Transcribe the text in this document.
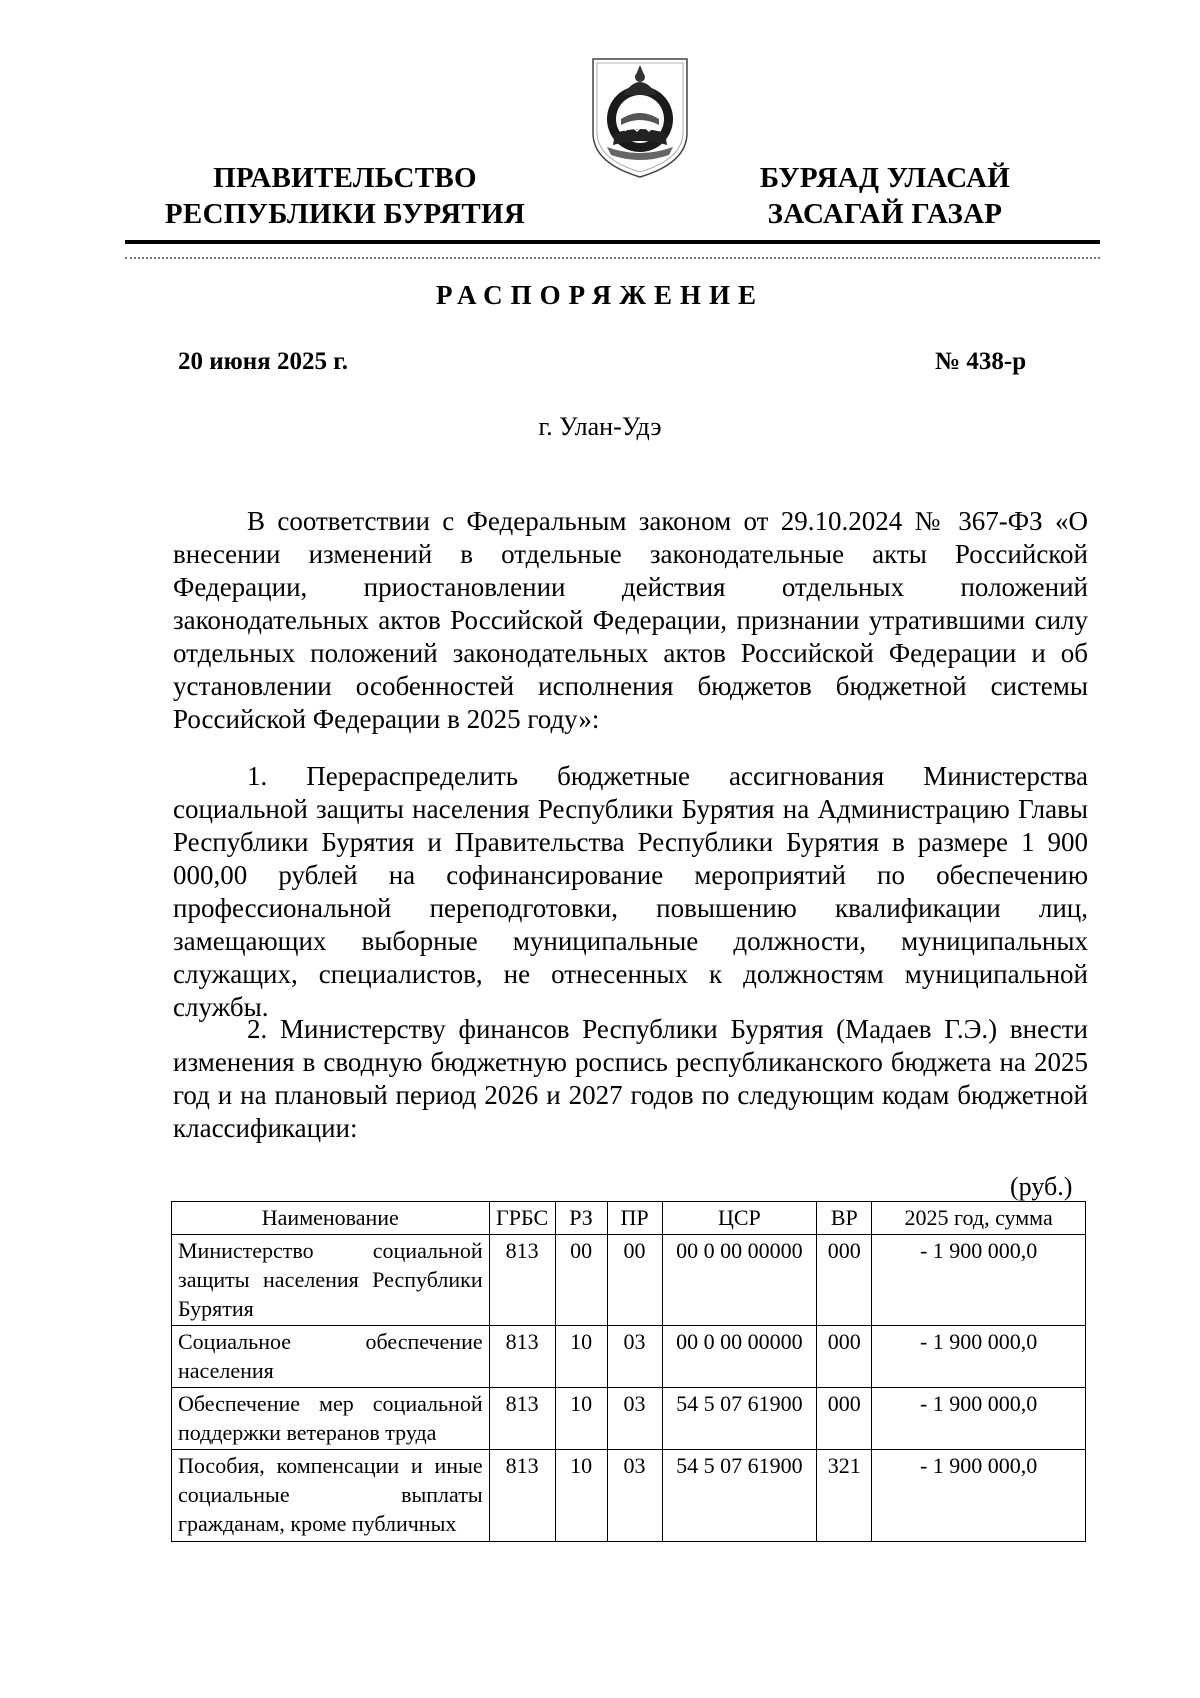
ПРАВИТЕЛЬСТВО
РЕСПУБЛИКИ БУРЯТИЯ
БУРЯАД УЛАСАЙ
ЗАСАГАЙ ГАЗАР
РАСПОРЯЖЕНИЕ
20 июня 2025 г.	№ 438-р
г. Улан-Удэ
В соответствии с Федеральным законом от 29.10.2024 № 367-ФЗ «О внесении изменений в отдельные законодательные акты Российской Федерации, приостановлении действия отдельных положений законодательных актов Российской Федерации, признании утратившими силу отдельных положений законодательных актов Российской Федерации и об установлении особенностей исполнения бюджетов бюджетной системы Российской Федерации в 2025 году»:
1. Перераспределить бюджетные ассигнования Министерства социальной защиты населения Республики Бурятия на Администрацию Главы Республики Бурятия и Правительства Республики Бурятия в размере 1 900 000,00 рублей на софинансирование мероприятий по обеспечению профессиональной переподготовки, повышению квалификации лиц, замещающих выборные муниципальные должности, муниципальных служащих, специалистов, не отнесенных к должностям муниципальной службы.
2. Министерству финансов Республики Бурятия (Мадаев Г.Э.) внести изменения в сводную бюджетную роспись республиканского бюджета на 2025 год и на плановый период 2026 и 2027 годов по следующим кодам бюджетной классификации:
(руб.)
Наименование	ГРБС	РЗ	ПР	ЦСР	ВР	2025 год, сумма
Министерство социальной защиты населения Республики Бурятия	813	00	00	00 0 00 00000	000	- 1 900 000,0
Социальное обеспечение населения	813	10	03	00 0 00 00000	000	- 1 900 000,0
Обеспечение мер социальной поддержки ветеранов труда	813	10	03	54 5 07 61900	000	- 1 900 000,0
Пособия, компенсации и иные социальные выплаты гражданам, кроме публичных	813	10	03	54 5 07 61900	321	- 1 900 000,0
